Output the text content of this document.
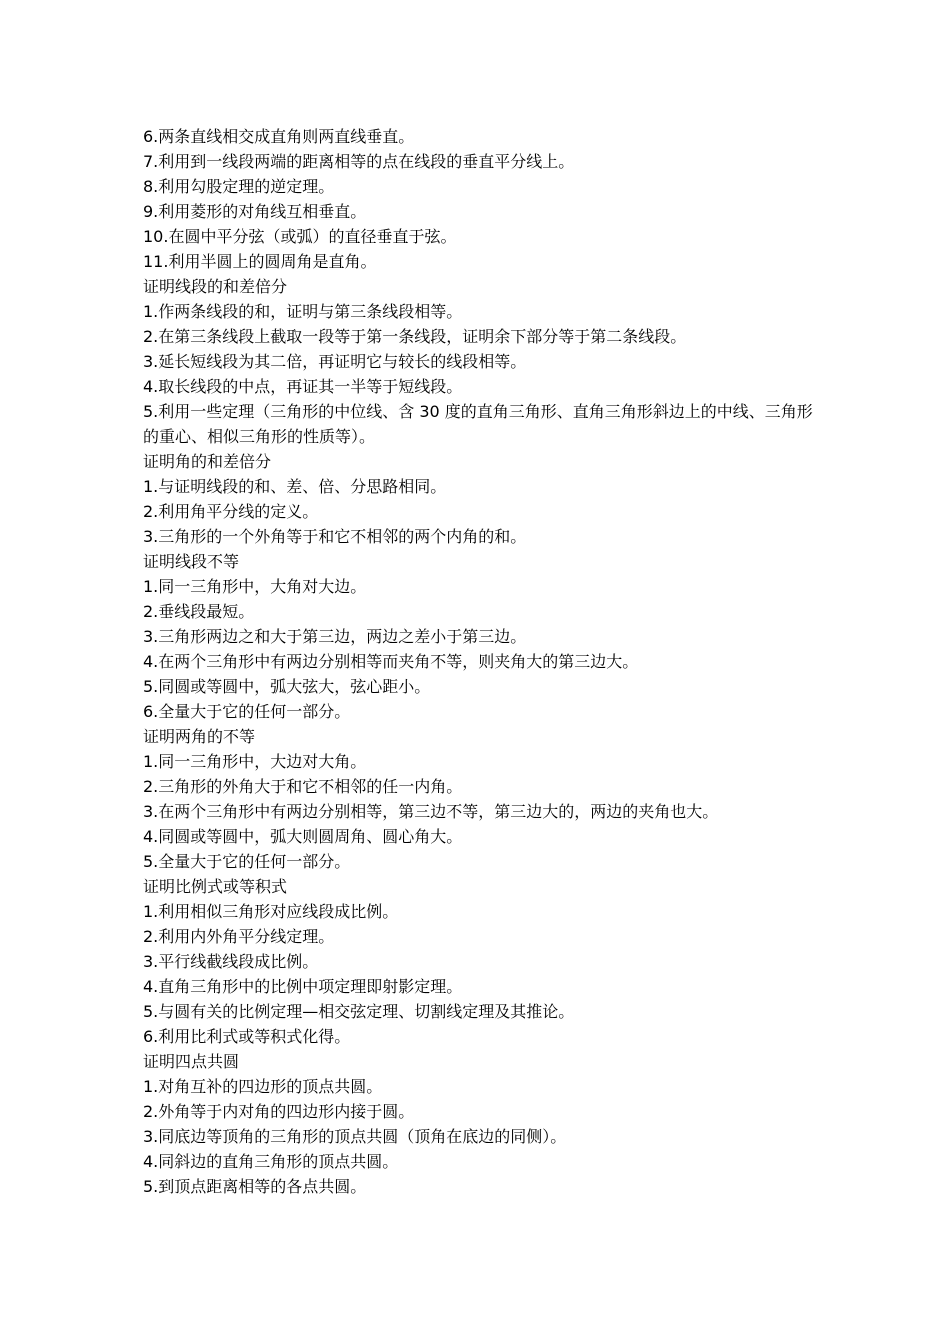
6.两条直线相交成直角则两直线垂直。

7.利用到一线段两端的距离相等的点在线段的垂直平分线上。

8.利用勾股定理的逆定理。

9.利用菱形的对角线互相垂直。

10.在圆中平分弦（或弧）的直径垂直于弦。

11.利用半圆上的圆周角是直角。

证明线段的和差倍分

1.作两条线段的和，证明与第三条线段相等。

2.在第三条线段上截取一段等于第一条线段，证明余下部分等于第二条线段。

3.延长短线段为其二倍，再证明它与较长的线段相等。

4.取长线段的中点，再证其一半等于短线段。

5.利用一些定理（三角形的中位线、含 30 度的直角三角形、直角三角形斜边上的中线、三角形的重心、相似三角形的性质等）。

证明角的和差倍分

1.与证明线段的和、差、倍、分思路相同。

2.利用角平分线的定义。

3.三角形的一个外角等于和它不相邻的两个内角的和。

证明线段不等

1.同一三角形中，大角对大边。

2.垂线段最短。

3.三角形两边之和大于第三边，两边之差小于第三边。

4.在两个三角形中有两边分别相等而夹角不等，则夹角大的第三边大。

5.同圆或等圆中，弧大弦大，弦心距小。

6.全量大于它的任何一部分。

证明两角的不等

1.同一三角形中，大边对大角。

2.三角形的外角大于和它不相邻的任一内角。

3.在两个三角形中有两边分别相等，第三边不等，第三边大的，两边的夹角也大。

4.同圆或等圆中，弧大则圆周角、圆心角大。

5.全量大于它的任何一部分。

证明比例式或等积式

1.利用相似三角形对应线段成比例。

2.利用内外角平分线定理。

3.平行线截线段成比例。

4.直角三角形中的比例中项定理即射影定理。

5.与圆有关的比例定理—相交弦定理、切割线定理及其推论。

6.利用比利式或等积式化得。

证明四点共圆

1.对角互补的四边形的顶点共圆。

2.外角等于内对角的四边形内接于圆。

3.同底边等顶角的三角形的顶点共圆（顶角在底边的同侧）。

4.同斜边的直角三角形的顶点共圆。

5.到顶点距离相等的各点共圆。
